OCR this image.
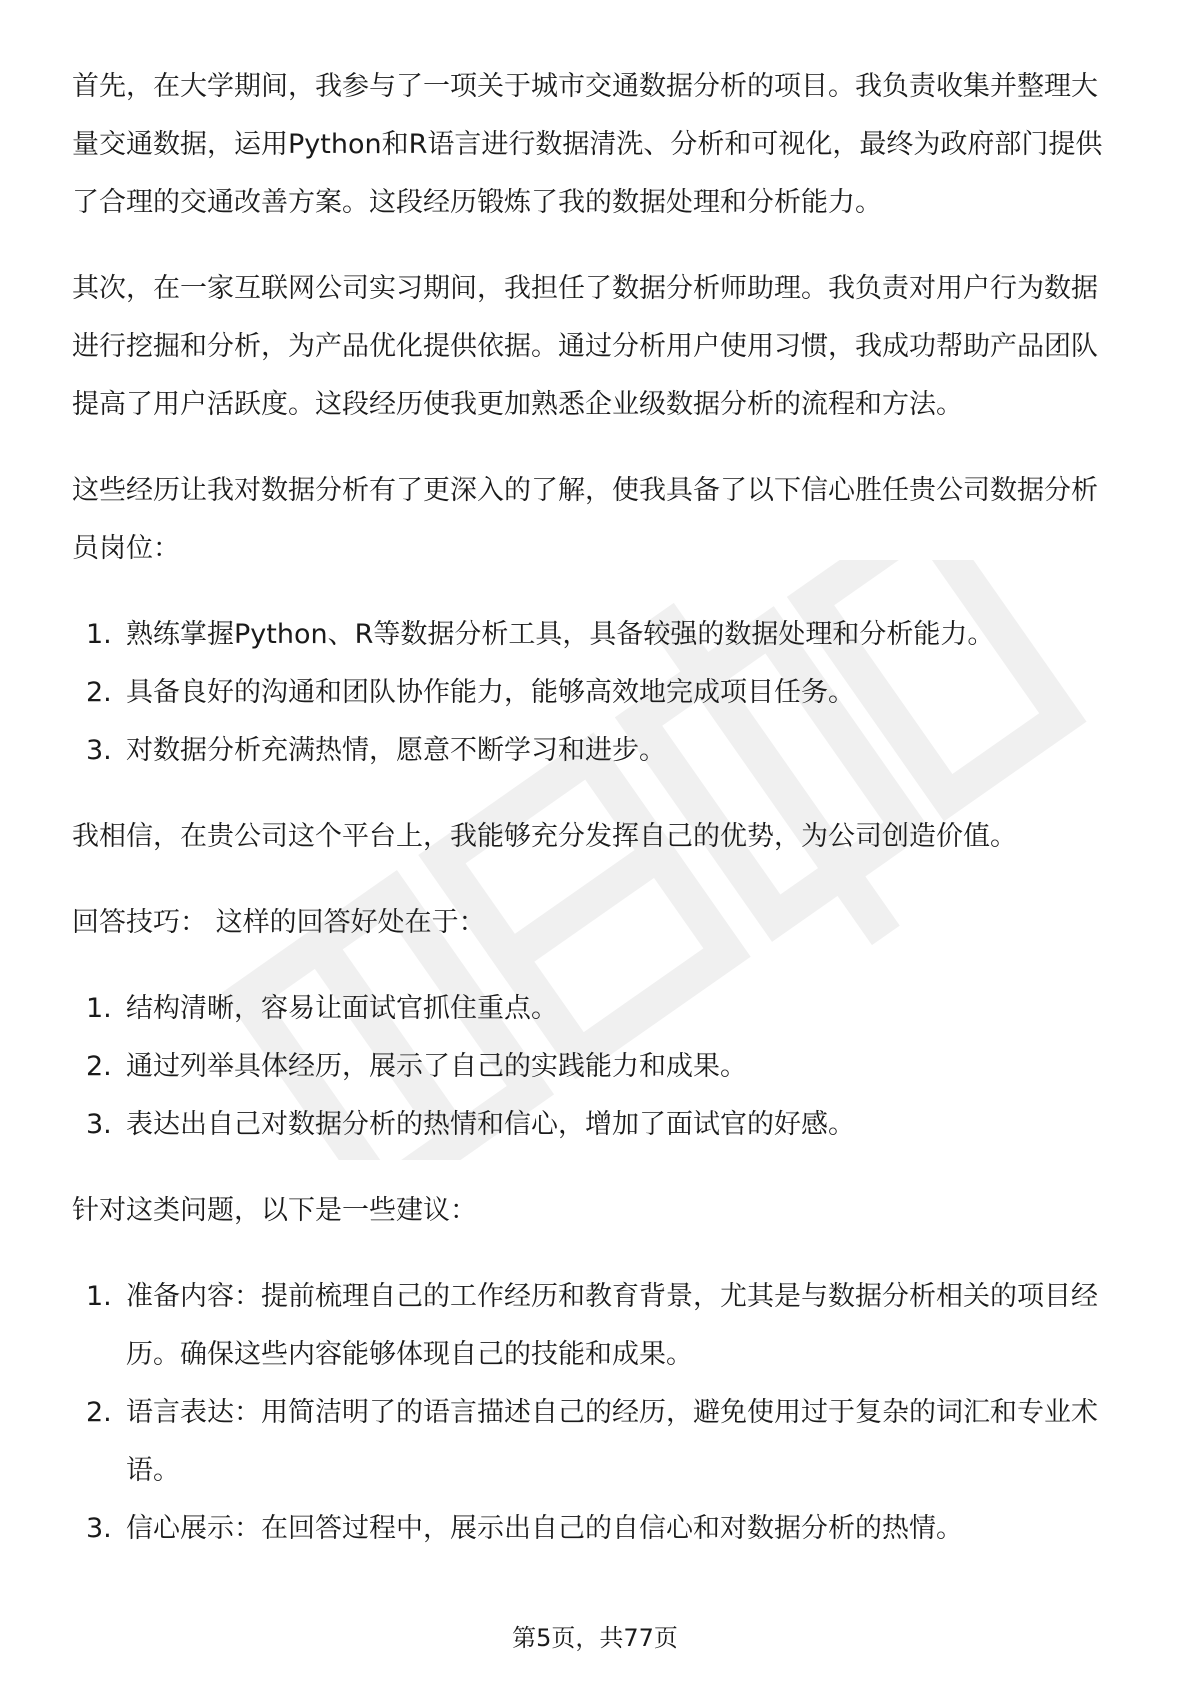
首先，在大学期间，我参与了一项关于城市交通数据分析的项目。我负责收集并整理大量交通数据，运用Python和R语言进行数据清洗、分析和可视化，最终为政府部门提供了合理的交通改善方案。这段经历锻炼了我的数据处理和分析能力。

其次，在一家互联网公司实习期间，我担任了数据分析师助理。我负责对用户行为数据进行挖掘和分析，为产品优化提供依据。通过分析用户使用习惯，我成功帮助产品团队提高了用户活跃度。这段经历使我更加熟悉企业级数据分析的流程和方法。

这些经历让我对数据分析有了更深入的了解，使我具备了以下信心胜任贵公司数据分析员岗位：

1. 熟练掌握Python、R等数据分析工具，具备较强的数据处理和分析能力。
2. 具备良好的沟通和团队协作能力，能够高效地完成项目任务。
3. 对数据分析充满热情，愿意不断学习和进步。

我相信，在贵公司这个平台上，我能够充分发挥自己的优势，为公司创造价值。

回答技巧： 这样的回答好处在于：

1. 结构清晰，容易让面试官抓住重点。
2. 通过列举具体经历，展示了自己的实践能力和成果。
3. 表达出自己对数据分析的热情和信心，增加了面试官的好感。

针对这类问题，以下是一些建议：

1. 准备内容：提前梳理自己的工作经历和教育背景，尤其是与数据分析相关的项目经历。确保这些内容能够体现自己的技能和成果。
2. 语言表达：用简洁明了的语言描述自己的经历，避免使用过于复杂的词汇和专业术语。
3. 信心展示：在回答过程中，展示出自己的自信心和对数据分析的热情。
第5页，共77页
